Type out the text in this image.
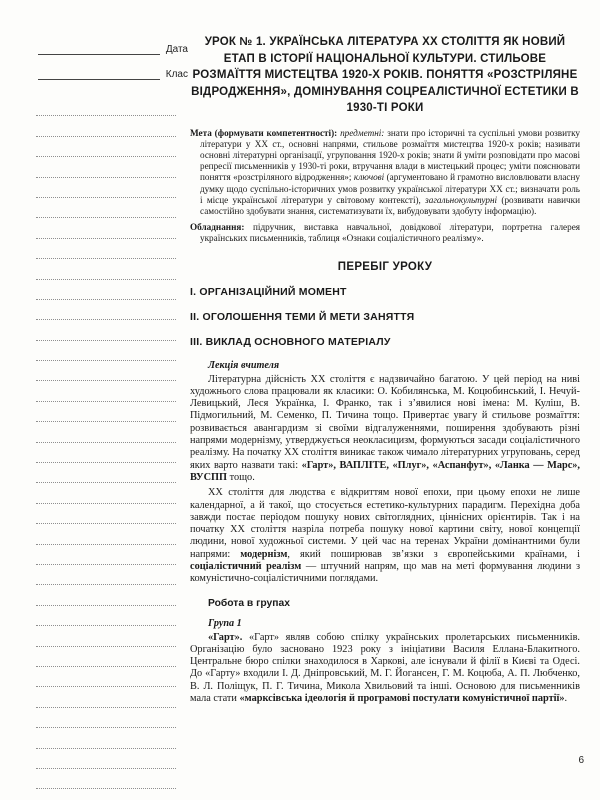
Дата
Клас
УРОК № 1. УКРАЇНСЬКА ЛІТЕРАТУРА XX СТОЛІТТЯ ЯК НОВИЙ ЕТАП В ІСТОРІЇ НАЦІОНАЛЬНОЇ КУЛЬТУРИ. СТИЛЬОВЕ РОЗМАЇТТЯ МИСТЕЦТВА 1920-Х РОКІВ. ПОНЯТТЯ «РОЗСТРІЛЯНЕ ВІДРОДЖЕННЯ», ДОМІНУВАННЯ СОЦРЕАЛІСТИЧНОЇ ЕСТЕТИКИ В 1930-ТІ РОКИ
Мета (формувати компетентності): предметні: знати про історичні та суспільні умови розвитку літератури у XX ст., основні напрями, стильове розмаїття мистецтва 1920-х років; називати основні літературні організації, угруповання 1920-х років; знати й уміти розповідати про масові репресії письменників у 1930-ті роки, втручання влади в мистецький процес; уміти пояснювати поняття «розстріляного відродження»; ключові (аргументовано й грамотно висловлювати власну думку щодо суспільно-історичних умов розвитку української літератури XX ст.; визначати роль і місце української літератури у світовому контексті), загальнокультурні (розвивати навички самостійно здобувати знання, систематизувати їх, вибудовувати здобуту інформацію).
Обладнання: підручник, виставка навчальної, довідкової літератури, портретна галерея українських письменників, таблиця «Ознаки соціалістичного реалізму».
ПЕРЕБІГ УРОКУ
І. ОРГАНІЗАЦІЙНИЙ МОМЕНТ
ІІ. ОГОЛОШЕННЯ ТЕМИ Й МЕТИ ЗАНЯТТЯ
ІІІ. ВИКЛАД ОСНОВНОГО МАТЕРІАЛУ
Лекція вчителя
Літературна дійсність XX століття є надзвичайно багатою. У цей період на ниві художнього слова працювали як класики: О. Кобилянська, М. Коцюбинський, І. Нечуй-Левицький, Леся Українка, І. Франко, так і з’явилися нові імена: М. Куліш, В. Підмогильний, М. Семенко, П. Тичина тощо. Привертає увагу й стильове розмаїття: розвивається авангардизм зі своїми відгалуженнями, поширення здобувають різні напрями модернізму, утверджується неокласицизм, формуються засади соціалістичного реалізму. На початку XX століття виникає також чимало літературних угруповань, серед яких варто назвати такі: «Гарт», ВАПЛІТЕ, «Плуг», «Аспанфут», «Ланка — Марс», ВУСПП тощо.
XX століття для людства є відкриттям нової епохи, при цьому епохи не лише календарної, а й такої, що стосується естетико-культурних парадигм. Перехідна доба завжди постає періодом пошуку нових світоглядних, ціннісних орієнтирів. Так і на початку XX століття назріла потреба пошуку нової картини світу, нової концепції людини, нової художньої системи. У цей час на теренах України домінантними були напрями: модернізм, який поширював зв’язки з європейськими країнами, і соціалістичний реалізм — штучний напрям, що мав на меті формування людини з комуністично-соціалістичними поглядами.
Робота в групах
Група 1
«Гарт». «Гарт» являв собою спілку українських пролетарських письменників. Організацію було засновано 1923 року з ініціативи Василя Еллана-Блакитного. Центральне бюро спілки знаходилося в Харкові, але існували й філії в Києві та Одесі. До «Гарту» входили І. Д. Дніпровський, М. Г. Йогансен, Г. М. Коцюба, А. П. Любченко, В. Л. Поліщук, П. Г. Тичина, Микола Хвильовий та інші. Основою для письменників мала стати «марксівська ідеологія й програмові постулати комуністичної партії».
6
